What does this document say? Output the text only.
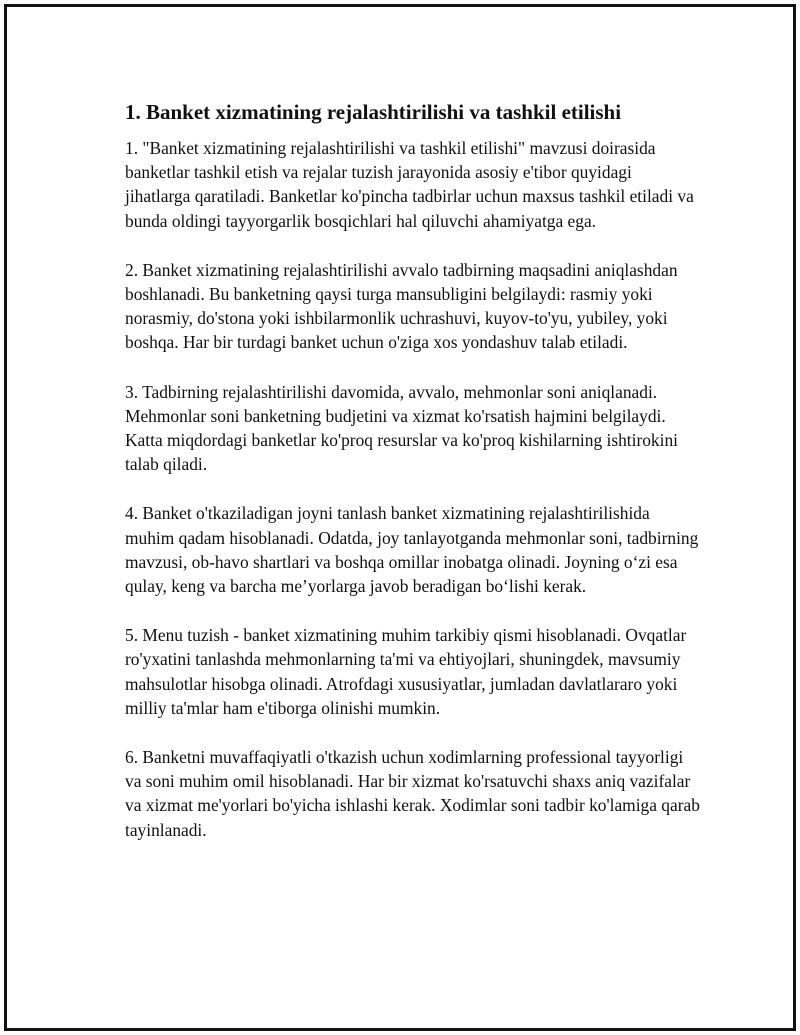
1. Banket xizmatining rejalashtirilishi va tashkil etilishi

1. "Banket xizmatining rejalashtirilishi va tashkil etilishi" mavzusi doirasida banketlar tashkil etish va rejalar tuzish jarayonida asosiy e'tibor quyidagi jihatlarga qaratiladi. Banketlar ko'pincha tadbirlar uchun maxsus tashkil etiladi va bunda oldingi tayyorgarlik bosqichlari hal qiluvchi ahamiyatga ega.

2. Banket xizmatining rejalashtirilishi avvalo tadbirning maqsadini aniqlashdan boshlanadi. Bu banketning qaysi turga mansubligini belgilaydi: rasmiy yoki norasmiy, do'stona yoki ishbilarmonlik uchrashuvi, kuyov-to'yu, yubiley, yoki boshqa. Har bir turdagi banket uchun o'ziga xos yondashuv talab etiladi.

3. Tadbirning rejalashtirilishi davomida, avvalo, mehmonlar soni aniqlanadi. Mehmonlar soni banketning budjetini va xizmat ko'rsatish hajmini belgilaydi. Katta miqdordagi banketlar ko'proq resurslar va ko'proq kishilarning ishtirokini talab qiladi.

4. Banket o'tkaziladigan joyni tanlash banket xizmatining rejalashtirilishida muhim qadam hisoblanadi. Odatda, joy tanlayotganda mehmonlar soni, tadbirning mavzusi, ob-havo shartlari va boshqa omillar inobatga olinadi. Joyning o‘zi esa qulay, keng va barcha me’yorlarga javob beradigan bo‘lishi kerak.

5. Menu tuzish - banket xizmatining muhim tarkibiy qismi hisoblanadi. Ovqatlar ro'yxatini tanlashda mehmonlarning ta'mi va ehtiyojlari, shuningdek, mavsumiy mahsulotlar hisobga olinadi. Atrofdagi xususiyatlar, jumladan davlatlararo yoki milliy ta'mlar ham e'tiborga olinishi mumkin.

6. Banketni muvaffaqiyatli o'tkazish uchun xodimlarning professional tayyorligi va soni muhim omil hisoblanadi. Har bir xizmat ko'rsatuvchi shaxs aniq vazifalar va xizmat me'yorlari bo'yicha ishlashi kerak. Xodimlar soni tadbir ko'lamiga qarab tayinlanadi.
